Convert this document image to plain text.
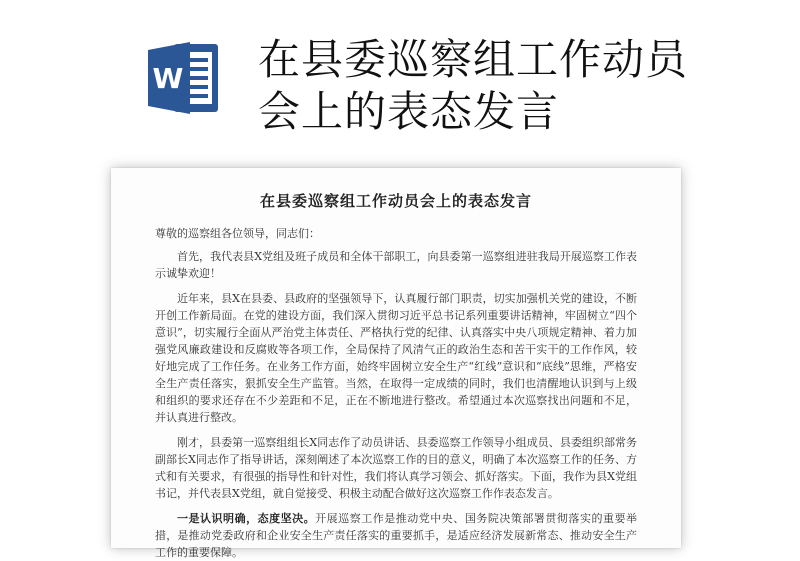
W 在县委巡察组工作动员会上的表态发言
在县委巡察组工作动员会上的表态发言

尊敬的巡察组各位领导，同志们：

首先，我代表县X党组及班子成员和全体干部职工，向县委第一巡察组进驻我局开展巡察工作表示诚挚欢迎！

近年来，县X在县委、县政府的坚强领导下，认真履行部门职责，切实加强机关党的建设，不断开创工作新局面。在党的建设方面，我们深入贯彻习近平总书记系列重要讲话精神，牢固树立“四个意识”，切实履行全面从严治党主体责任、严格执行党的纪律、认真落实中央八项规定精神、着力加强党风廉政建设和反腐败等各项工作，全局保持了风清气正的政治生态和苦干实干的工作作风，较好地完成了工作任务。在业务工作方面，始终牢固树立安全生产“红线”意识和“底线”思维，严格安全生产责任落实，狠抓安全生产监管。当然，在取得一定成绩的同时，我们也清醒地认识到与上级和组织的要求还存在不少差距和不足，正在不断地进行整改。希望通过本次巡察找出问题和不足，并认真进行整改。

刚才，县委第一巡察组组长X同志作了动员讲话、县委巡察工作领导小组成员、县委组织部常务副部长X同志作了指导讲话，深刻阐述了本次巡察工作的目的意义，明确了本次巡察工作的任务、方式和有关要求，有很强的指导性和针对性，我们将认真学习领会、抓好落实。下面，我作为县X党组书记，并代表县X党组，就自觉接受、积极主动配合做好这次巡察工作作表态发言。

一是认识明确，态度坚决。开展巡察工作是推动党中央、国务院决策部署贯彻落实的重要举措，是推动党委政府和企业安全生产责任落实的重要抓手，是适应经济发展新常态、推动安全生产工作的重要保障。
